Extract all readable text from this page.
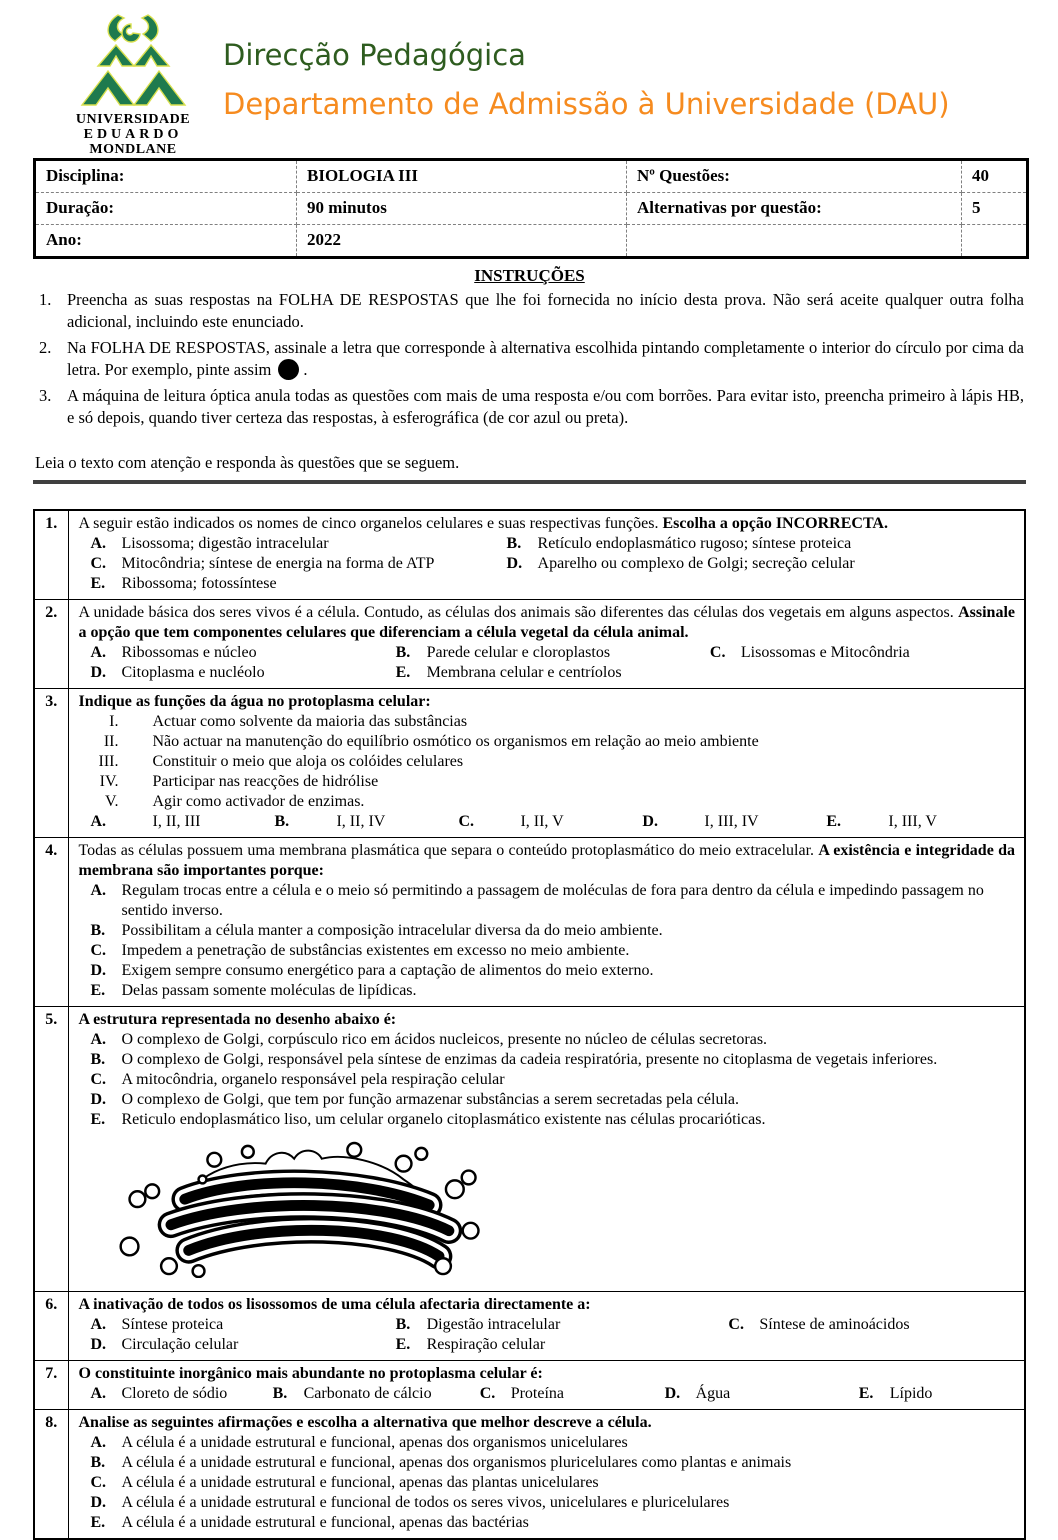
UNIVERSIDADE
EDUARDO
MONDLANE
Direcção Pedagógica
Departamento de Admissão à Universidade (DAU)
Disciplina:	BIOLOGIA III	Nº Questões:	40
Duração:	90 minutos	Alternativas por questão:	5
Ano:	2022		
INSTRUÇÕES
1. Preencha as suas respostas na FOLHA DE RESPOSTAS que lhe foi fornecida no início desta prova. Não será aceite qualquer outra folha adicional, incluindo este enunciado.
2. Na FOLHA DE RESPOSTAS, assinale a letra que corresponde à alternativa escolhida pintando completamente o interior do círculo por cima da letra. Por exemplo, pinte assim .
3. A máquina de leitura óptica anula todas as questões com mais de uma resposta e/ou com borrões. Para evitar isto, preencha primeiro à lápis HB, e só depois, quando tiver certeza das respostas, à esferográfica (de cor azul ou preta).
Leia o texto com atenção e responda às questões que se seguem.
1.	A seguir estão indicados os nomes de cinco organelos celulares e suas respectivas funções. Escolha a opção INCORRECTA.
A. Lisossoma; digestão intracelular	B.	Retículo endoplasmático rugoso; síntese proteica
C. Mitocôndria; síntese de energia na forma de ATP	D. Aparelho ou complexo de Golgi; secreção celular
E.	Ribossoma; fotossíntese

2.	A unidade básica dos seres vivos é a célula. Contudo, as células dos animais são diferentes das células dos vegetais em alguns aspectos. Assinale a opção que tem componentes celulares que diferenciam a célula vegetal da célula animal.
A. Ribossomas e núcleo	B.	Parede celular e cloroplastos	C. Lisossomas e Mitocôndria
D. Citoplasma e nucléolo	E.	Membrana celular e centríolos

3.	Indique as funções da água no protoplasma celular:
I. Actuar como solvente da maioria das substâncias
II. Não actuar na manutenção do equilíbrio osmótico os organismos em relação ao meio ambiente
III. Constituir o meio que aloja os colóides celulares
IV. Participar nas reacções de hidrólise
V. Agir como activador de enzimas.
A.	I, II, III	B.	I, II, IV	C.	I, II, V	D.	I, III, IV	E.	I, III, V

4.	Todas as células possuem uma membrana plasmática que separa o conteúdo protoplasmático do meio extracelular. A existência e integridade da membrana são importantes porque:
A. Regulam trocas entre a célula e o meio só permitindo a passagem de moléculas de fora para dentro da célula e impedindo passagem no sentido inverso.
B.	Possibilitam a célula manter a composição intracelular diversa da do meio ambiente.
C. Impedem a penetração de substâncias existentes em excesso no meio ambiente.
D. Exigem sempre consumo energético para a captação de alimentos do meio externo.
E.	Delas passam somente moléculas de lipídicas.

5.	A estrutura representada no desenho abaixo é:
A. O complexo de Golgi, corpúsculo rico em ácidos nucleicos, presente no núcleo de células secretoras.
B.	O complexo de Golgi, responsável pela síntese de enzimas da cadeia respiratória, presente no citoplasma de vegetais inferiores.
C. A mitocôndria, organelo responsável pela respiração celular
D. O complexo de Golgi, que tem por função armazenar substâncias a serem secretadas pela célula.
E.	Reticulo endoplasmático liso, um celular organelo citoplasmático existente nas células procarióticas.

6.	A inativação de todos os lisossomos de uma célula afectaria directamente a:
A. Síntese proteica	B.	Digestão intracelular	C. Síntese de aminoácidos
D. Circulação celular	E.	Respiração celular

7.	O constituinte inorgânico mais abundante no protoplasma celular é:
A. Cloreto de sódio	B.	Carbonato de cálcio	C. Proteína	D. Água	E.	Lípido

8.	Analise as seguintes afirmações e escolha a alternativa que melhor descreve a célula.
A. A célula é a unidade estrutural e funcional, apenas dos organismos unicelulares
B.	A célula é a unidade estrutural e funcional, apenas dos organismos pluricelulares como plantas e animais
C. A célula é a unidade estrutural e funcional, apenas das plantas unicelulares
D. A célula é a unidade estrutural e funcional de todos os seres vivos, unicelulares e pluricelulares
E.	A célula é a unidade estrutural e funcional, apenas das bactérias
